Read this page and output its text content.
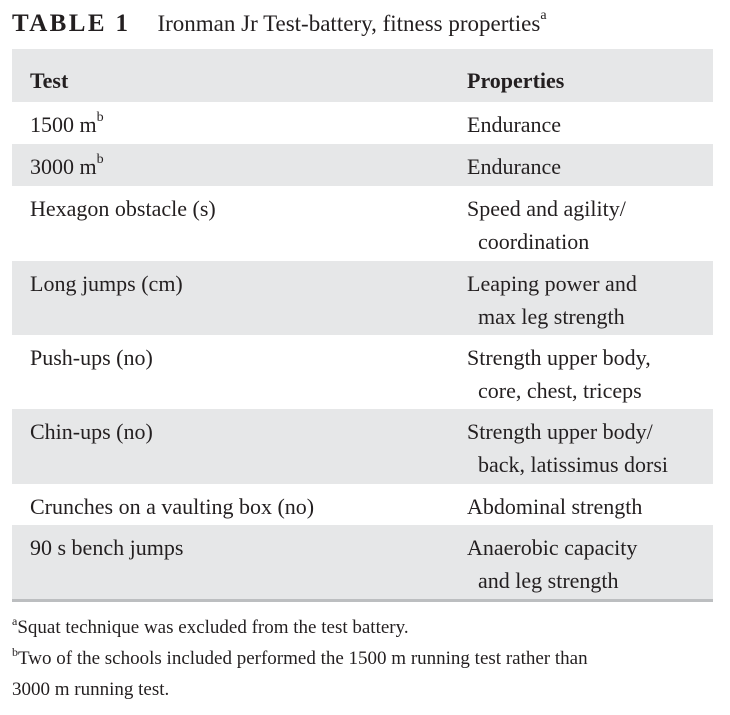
TABLE 1 Ironman Jr Test-battery, fitness properties$^a$
Test	Properties
1500 $m^b$	Endurance
3000 $m^b$	Endurance
Hexagon obstacle (s)	Speed and agility/
coordination
Long jumps (cm)	Leaping power and
max leg strength
Push-ups (no)	Strength upper body,
core, chest, triceps
Chin-ups (no)	Strength upper body/
back, latissimus dorsi
Crunches on a vaulting box (no)	Abdominal strength
90 s bench jumps	Anaerobic capacity
and leg strength
$^a$Squat technique was excluded from the test battery.
$^b$Two of the schools included performed the 1500 m running test rather than
3000 m running test.
